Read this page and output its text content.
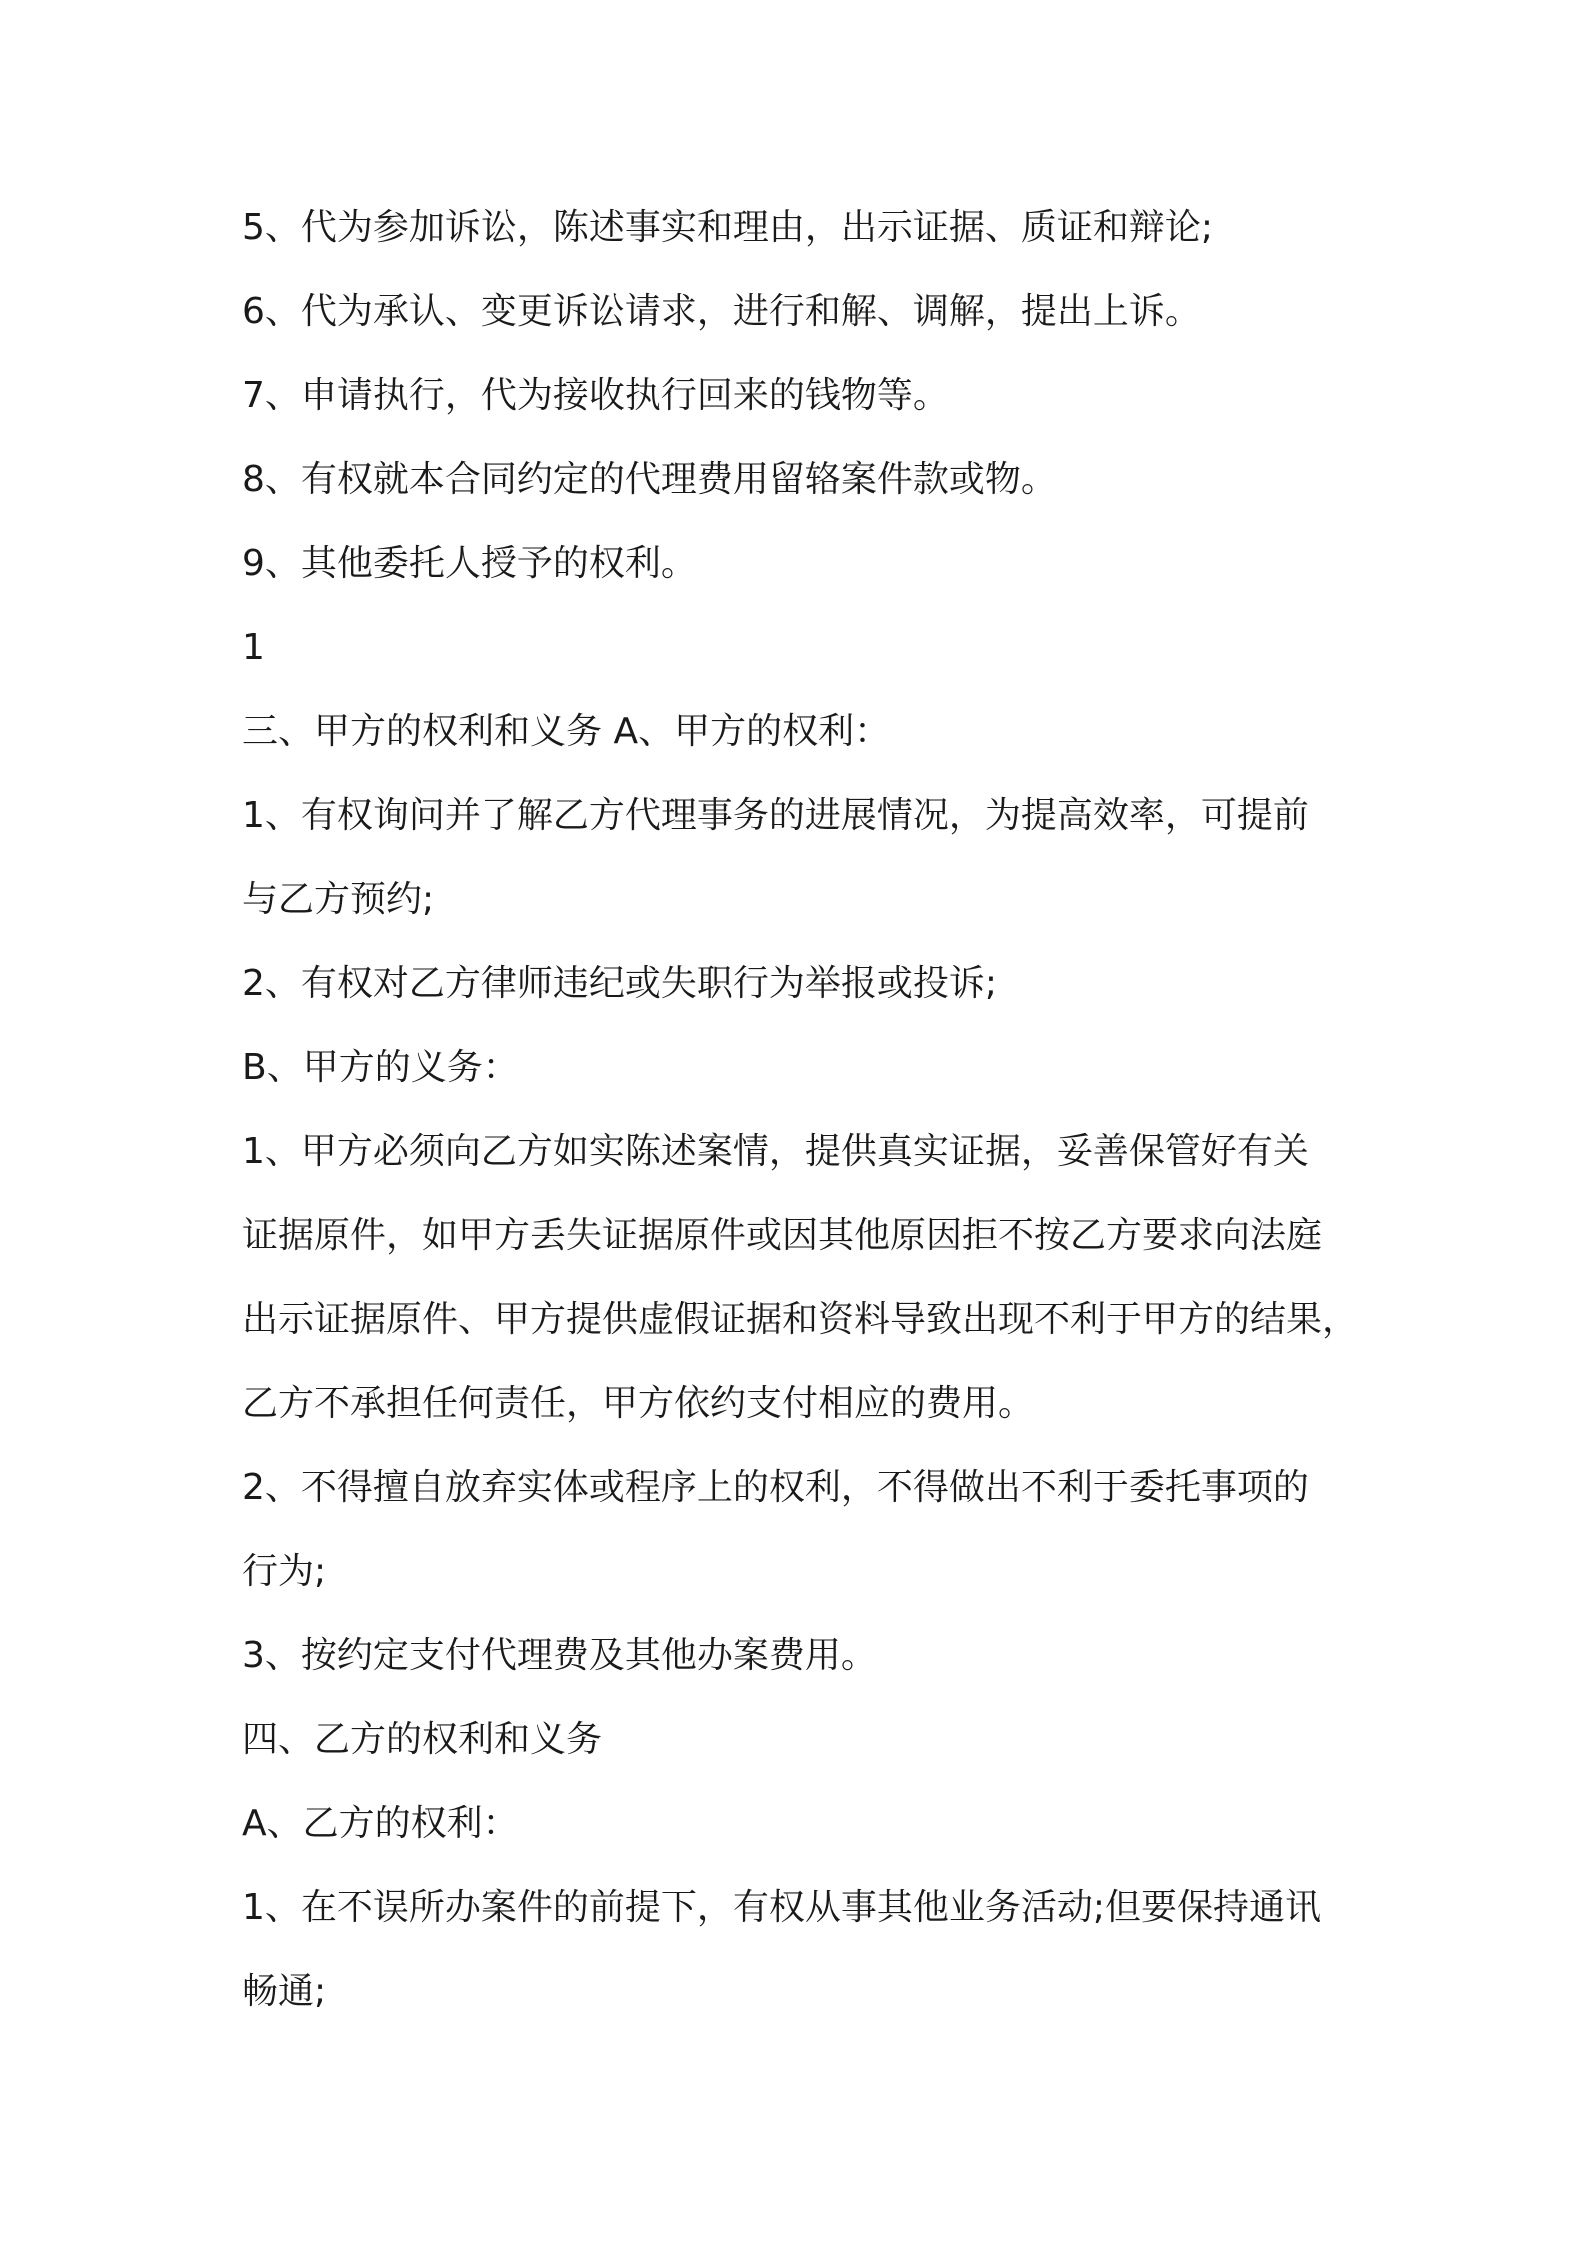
5、代为参加诉讼，陈述事实和理由，出示证据、质证和辩论;
6、代为承认、变更诉讼请求，进行和解、调解，提出上诉。
7、申请执行，代为接收执行回来的钱物等。
8、有权就本合同约定的代理费用留辂案件款或物。
9、其他委托人授予的权利。
1
三、甲方的权利和义务 A、甲方的权利：
1、有权询问并了解乙方代理事务的进展情况，为提高效率，可提前
与乙方预约;
2、有权对乙方律师违纪或失职行为举报或投诉;
B、甲方的义务：
1、甲方必须向乙方如实陈述案情，提供真实证据，妥善保管好有关
证据原件，如甲方丢失证据原件或因其他原因拒不按乙方要求向法庭
出示证据原件、甲方提供虚假证据和资料导致出现不利于甲方的结果，
乙方不承担任何责任，甲方依约支付相应的费用。
2、不得擅自放弃实体或程序上的权利，不得做出不利于委托事项的
行为;
3、按约定支付代理费及其他办案费用。
四、乙方的权利和义务
A、乙方的权利：
1、在不误所办案件的前提下，有权从事其他业务活动;但要保持通讯
畅通;
